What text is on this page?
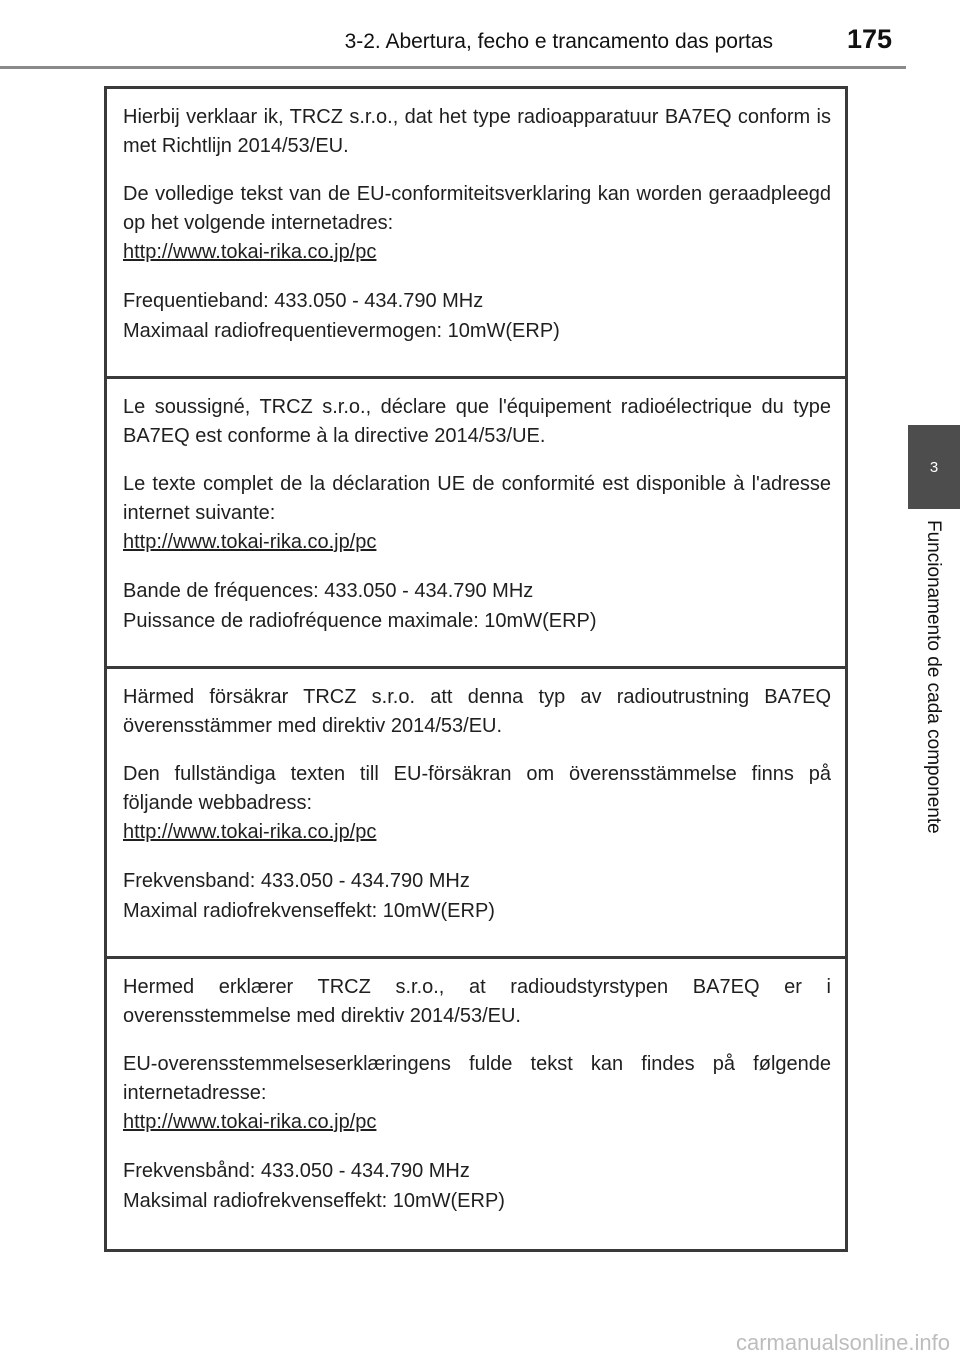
3-2. Abertura, fecho e trancamento das portas	175
3
Funcionamento de cada componente

Hierbij verklaar ik, TRCZ s.r.o., dat het type radioapparatuur BA7EQ conform is met Richtlijn 2014/53/EU.

De volledige tekst van de EU-conformiteitsverklaring kan worden geraadpleegd op het volgende internetadres:

http://www.tokai-rika.co.jp/pc

Frequentieband: 433.050 - 434.790 MHz

Maximaal radiofrequentievermogen: 10mW(ERP)

Le soussigné, TRCZ s.r.o., déclare que l'équipement radioélectrique du type BA7EQ est conforme à la directive 2014/53/UE.

Le texte complet de la déclaration UE de conformité est disponible à l'adresse internet suivante:

http://www.tokai-rika.co.jp/pc

Bande de fréquences: 433.050 - 434.790 MHz

Puissance de radiofréquence maximale: 10mW(ERP)

Härmed försäkrar TRCZ s.r.o. att denna typ av radioutrustning BA7EQ överensstämmer med direktiv 2014/53/EU.

Den fullständiga texten till EU-försäkran om överensstämmelse finns på följande webbadress:

http://www.tokai-rika.co.jp/pc

Frekvensband: 433.050 - 434.790 MHz

Maximal radiofrekvenseffekt: 10mW(ERP)

Hermed erklærer TRCZ s.r.o., at radioudstyrstypen BA7EQ er i overensstemmelse med direktiv 2014/53/EU.

EU-overensstemmelseserklæringens fulde tekst kan findes på følgende internetadresse:

http://www.tokai-rika.co.jp/pc

Frekvensbånd: 433.050 - 434.790 MHz

Maksimal radiofrekvenseffekt: 10mW(ERP)

carmanualsonline.info
